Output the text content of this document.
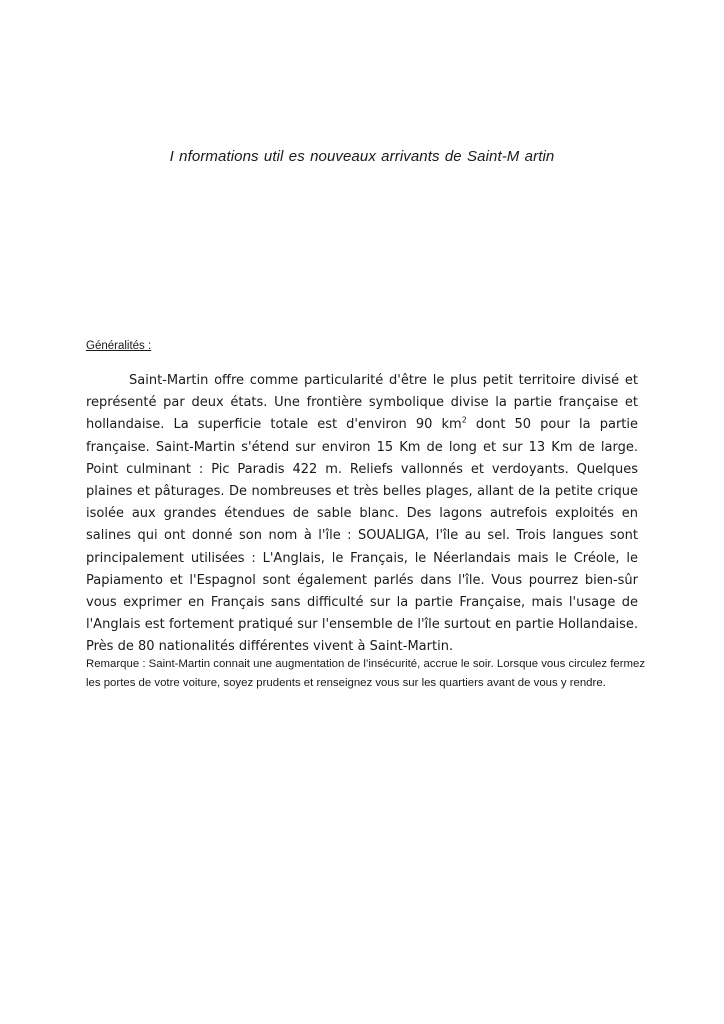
I nformations util es nouveaux arrivants de Saint-M artin
Généralités :

Saint-Martin offre comme particularité d'être le plus petit territoire divisé et représenté par deux états. Une frontière symbolique divise la partie française et hollandaise. La superficie totale est d'environ 90 $km^2$ dont 50 pour la partie française. Saint-Martin s'étend sur environ 15 Km de long et sur 13 Km de large. Point culminant : Pic Paradis 422 m. Reliefs vallonnés et verdoyants. Quelques plaines et pâturages. De nombreuses et très belles plages, allant de la petite crique isolée aux grandes étendues de sable blanc. Des lagons autrefois exploités en salines qui ont donné son nom à l'île : SOUALIGA, I'île au sel. Trois langues sont principalement utilisées : L'Anglais, le Français, le Néerlandais mais le Créole, le Papiamento et l'Espagnol sont également parlés dans l'île. Vous pourrez bien-sûr vous exprimer en Français sans difficulté sur la partie Française, mais l'usage de l'Anglais est fortement pratiqué sur l'ensemble de l'île surtout en partie Hollandaise. Près de 80 nationalités différentes vivent à Saint-Martin.

Remarque : Saint-Martin connait une augmentation de l’insécurité, accrue le soir. Lorsque vous circulez fermez les portes de votre voiture, soyez prudents et renseignez vous sur les quartiers avant de vous y rendre.
